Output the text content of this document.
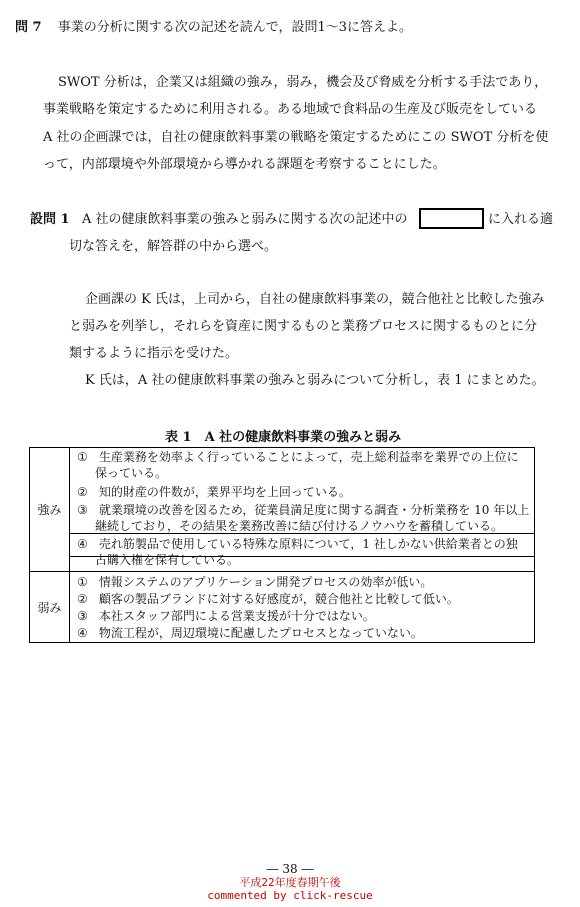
問 7 事業の分析に関する次の記述を読んで，設問1～3に答えよ。
SWOT 分析は，企業又は組織の強み，弱み，機会及び脅威を分析する手法であり，
事業戦略を策定するために利用される。ある地域で食料品の生産及び販売をしている
A 社の企画課では，自社の健康飲料事業の戦略を策定するためにこの SWOT 分析を使
って，内部環境や外部環境から導かれる課題を考察することにした。
設問 1 A 社の健康飲料事業の強みと弱みに関する次の記述中の	に入れる適
切な答えを，解答群の中から選べ。
企画課の K 氏は，上司から，自社の健康飲料事業の，競合他社と比較した強み
と弱みを列挙し，それらを資産に関するものと業務プロセスに関するものとに分
類するように指示を受けた。
K 氏は，A 社の健康飲料事業の強みと弱みについて分析し，表 1 にまとめた。
表 1　A 社の健康飲料事業の強みと弱み
強み
弱み
① 生産業務を効率よく行っていることによって，売上総利益率を業界での上位に
保っている。
② 知的財産の件数が，業界平均を上回っている。
③ 就業環境の改善を図るため，従業員満足度に関する調査・分析業務を 10 年以上
継続しており，その結果を業務改善に結び付けるノウハウを蓄積している。
④ 売れ筋製品で使用している特殊な原料について，1 社しかない供給業者との独
占購入権を保有している。
① 情報システムのアプリケーション開発プロセスの効率が低い。
② 顧客の製品ブランドに対する好感度が，競合他社と比較して低い。
③ 本社スタッフ部門による営業支援が十分ではない。
④ 物流工程が，周辺環境に配慮したプロセスとなっていない。
― 38 ―
平成22年度春期午後
commented by click-rescue
